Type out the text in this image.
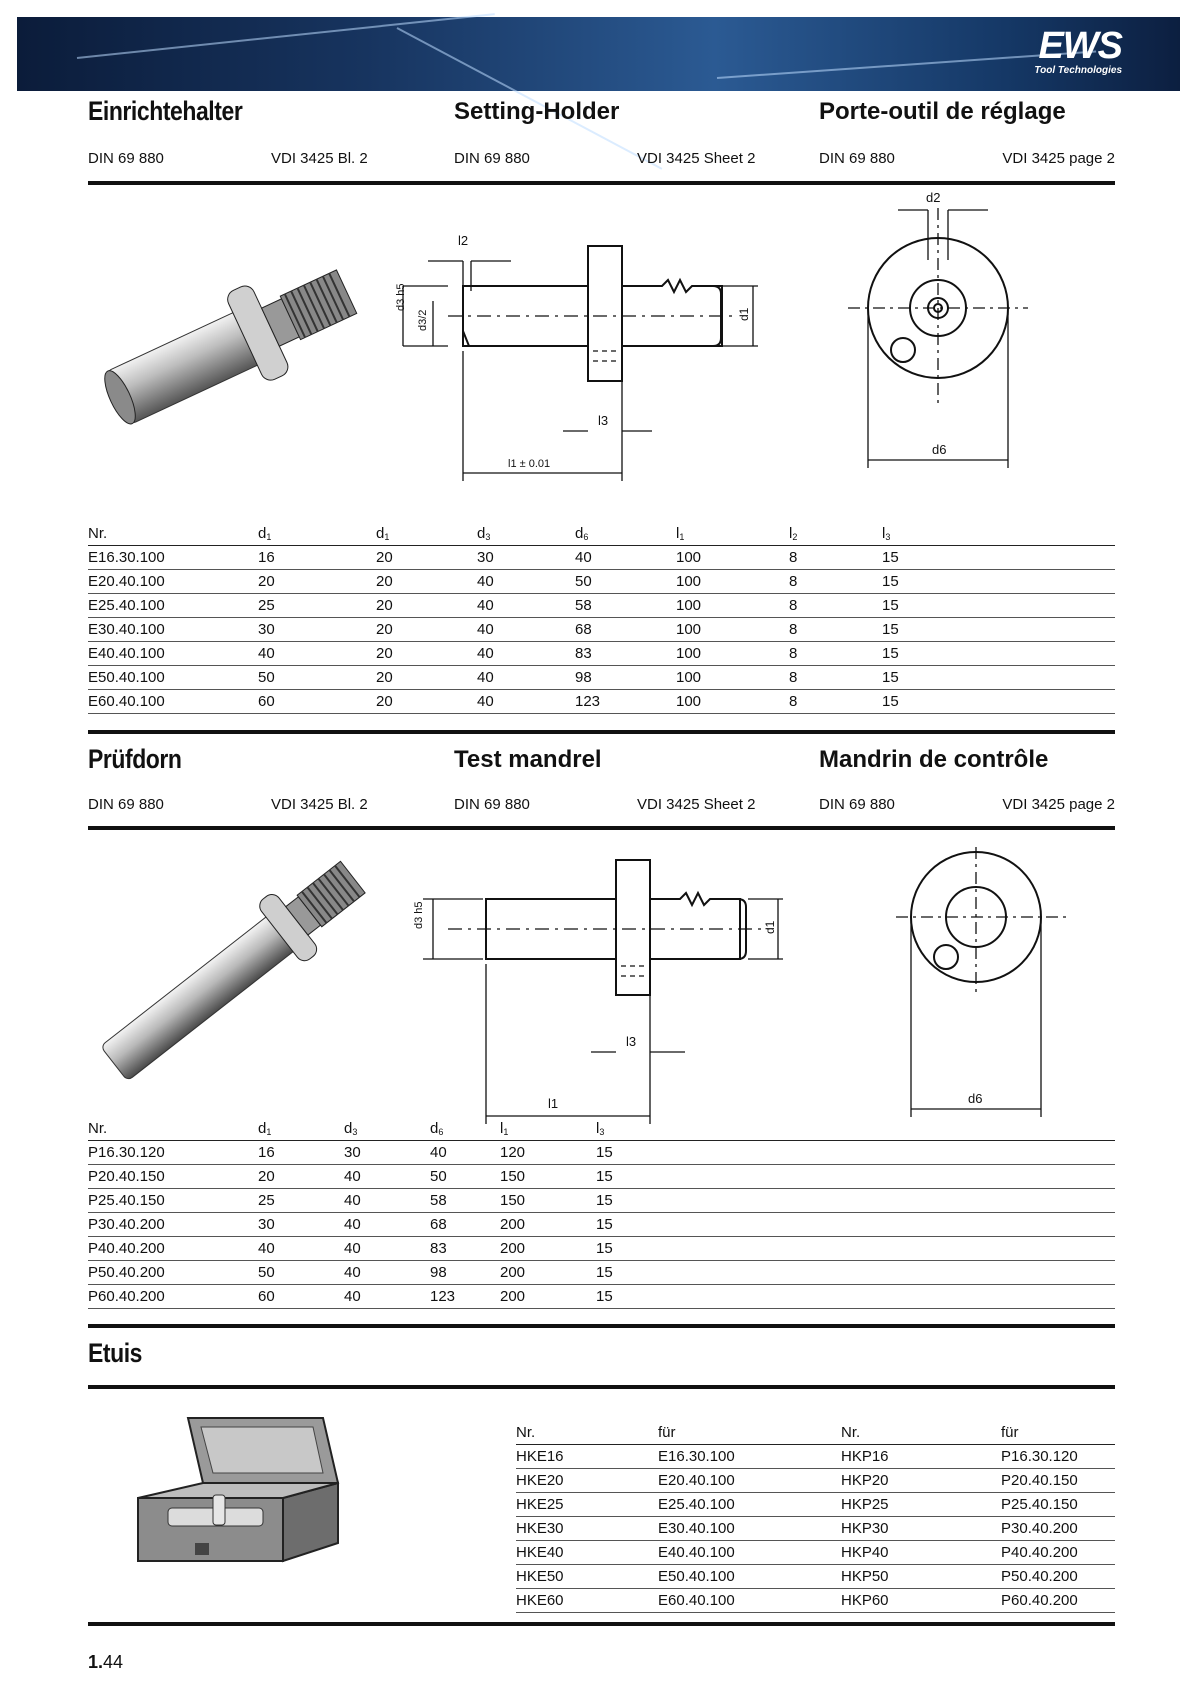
EWS
Tool Technologies
Einrichtehalter	Setting-Holder	Porte-outil de réglage
DIN 69 880	VDI 3425 Bl. 2	DIN 69 880	VDI 3425 Sheet 2	DIN 69 880	VDI 3425 page 2
l2
d3 h5
d3/2	d1
l3
l1 ± 0.01
d2
d6
Nr.	d1	d1	d3	d6	l1	l2	l3
E16.30.100	16	20	30	40	100	8	15
E20.40.100	20	20	40	50	100	8	15
E25.40.100	25	20	40	58	100	8	15
E30.40.100	30	20	40	68	100	8	15
E40.40.100	40	20	40	83	100	8	15
E50.40.100	50	20	40	98	100	8	15
E60.40.100	60	20	40	123	100	8	15
Prüfdorn	Test mandrel	Mandrin de contrôle
DIN 69 880	VDI 3425 Bl. 2	DIN 69 880	VDI 3425 Sheet 2	DIN 69 880	VDI 3425 page 2
d3 h5	d1
l3
l1	d6
Nr.	d1	d3	d6	l1	l3
P16.30.120	16	30	40	120	15
P20.40.150	20	40	50	150	15
P25.40.150	25	40	58	150	15
P30.40.200	30	40	68	200	15
P40.40.200	40	40	83	200	15
P50.40.200	50	40	98	200	15
P60.40.200	60	40	123	200	15
Etuis
Nr.	für	Nr.	für
HKE16	E16.30.100	HKP16	P16.30.120
HKE20	E20.40.100	HKP20	P20.40.150
HKE25	E25.40.100	HKP25	P25.40.150
HKE30	E30.40.100	HKP30	P30.40.200
HKE40	E40.40.100	HKP40	P40.40.200
HKE50	E50.40.100	HKP50	P50.40.200
HKE60	E60.40.100	HKP60	P60.40.200
1.44
